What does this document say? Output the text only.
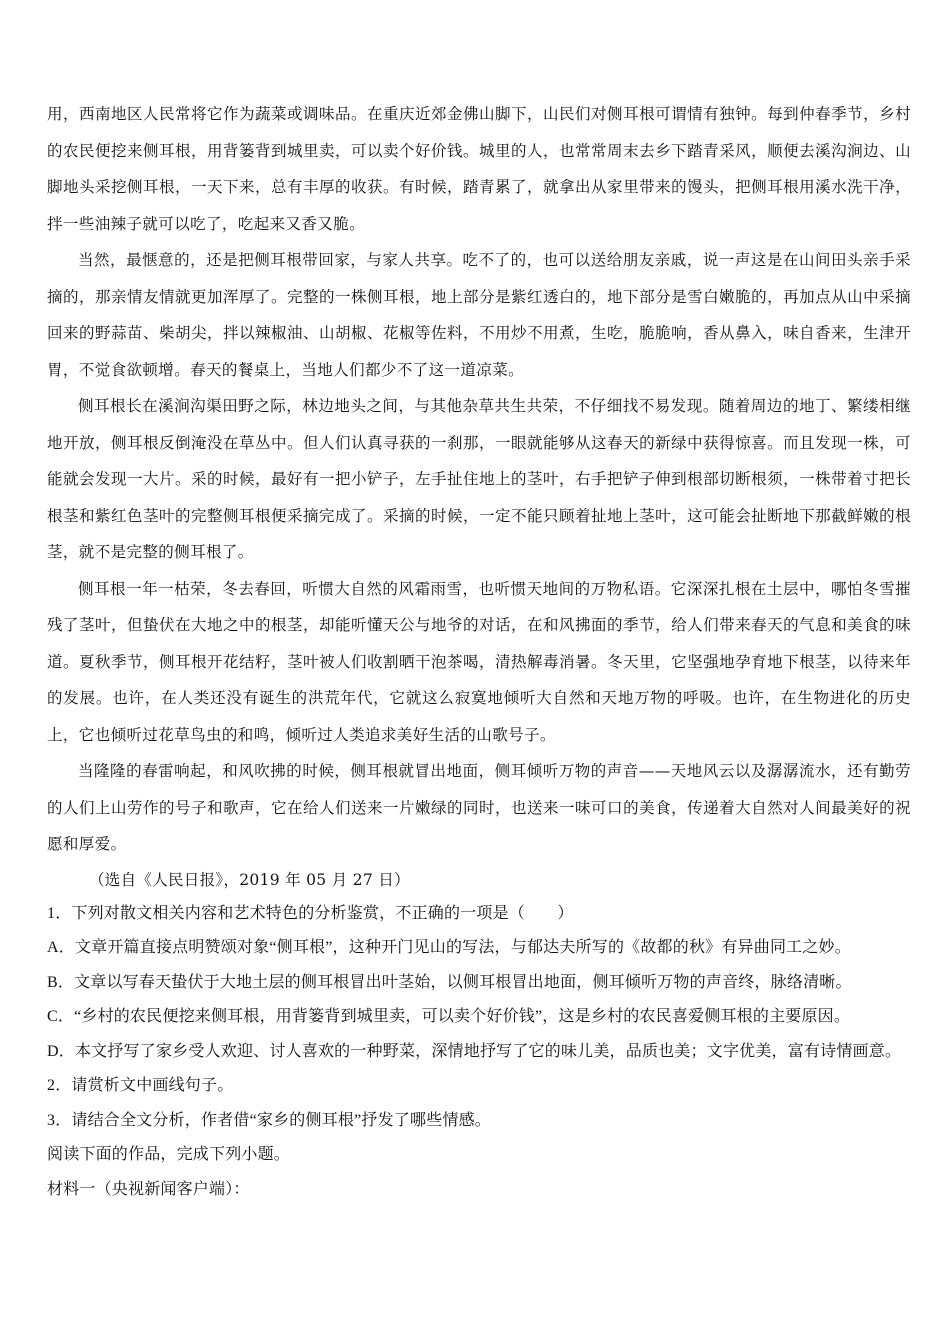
用，西南地区人民常将它作为蔬菜或调味品。在重庆近郊金佛山脚下，山民们对侧耳根可谓情有独钟。每到仲春季节，乡村的农民便挖来侧耳根，用背篓背到城里卖，可以卖个好价钱。城里的人，也常常周末去乡下踏青采风，顺便去溪沟涧边、山脚地头采挖侧耳根，一天下来，总有丰厚的收获。有时候，踏青累了，就拿出从家里带来的馒头，把侧耳根用溪水洗干净，拌一些油辣子就可以吃了，吃起来又香又脆。

当然，最惬意的，还是把侧耳根带回家，与家人共享。吃不了的，也可以送给朋友亲戚，说一声这是在山间田头亲手采摘的，那亲情友情就更加浑厚了。完整的一株侧耳根，地上部分是紫红透白的，地下部分是雪白嫩脆的，再加点从山中采摘回来的野蒜苗、柴胡尖，拌以辣椒油、山胡椒、花椒等佐料，不用炒不用煮，生吃，脆脆响，香从鼻入，味自香来，生津开胃，不觉食欲顿增。春天的餐桌上，当地人们都少不了这一道凉菜。

侧耳根长在溪涧沟渠田野之际，林边地头之间，与其他杂草共生共荣，不仔细找不易发现。随着周边的地丁、繁缕相继地开放，侧耳根反倒淹没在草丛中。但人们认真寻获的一刹那，一眼就能够从这春天的新绿中获得惊喜。而且发现一株，可能就会发现一大片。采的时候，最好有一把小铲子，左手扯住地上的茎叶，右手把铲子伸到根部切断根须，一株带着寸把长根茎和紫红色茎叶的完整侧耳根便采摘完成了。采摘的时候，一定不能只顾着扯地上茎叶，这可能会扯断地下那截鲜嫩的根茎，就不是完整的侧耳根了。

侧耳根一年一枯荣，冬去春回，听惯大自然的风霜雨雪，也听惯天地间的万物私语。它深深扎根在土层中，哪怕冬雪摧残了茎叶，但蛰伏在大地之中的根茎，却能听懂天公与地爷的对话，在和风拂面的季节，给人们带来春天的气息和美食的味道。夏秋季节，侧耳根开花结籽，茎叶被人们收割晒干泡茶喝，清热解毒消暑。冬天里，它坚强地孕育地下根茎，以待来年的发展。也许，在人类还没有诞生的洪荒年代，它就这么寂寞地倾听大自然和天地万物的呼吸。也许，在生物进化的历史上，它也倾听过花草鸟虫的和鸣，倾听过人类追求美好生活的山歌号子。

当隆隆的春雷响起，和风吹拂的时候，侧耳根就冒出地面，侧耳倾听万物的声音——天地风云以及潺潺流水，还有勤劳的人们上山劳作的号子和歌声，它在给人们送来一片嫩绿的同时，也送来一味可口的美食，传递着大自然对人间最美好的祝愿和厚爱。

（选自《人民日报》，2019 年 05 月 27 日）

1．下列对散文相关内容和艺术特色的分析鉴赏，不正确的一项是（　　）

A．文章开篇直接点明赞颂对象“侧耳根”，这种开门见山的写法，与郁达夫所写的《故都的秋》有异曲同工之妙。

B．文章以写春天蛰伏于大地土层的侧耳根冒出叶茎始，以侧耳根冒出地面，侧耳倾听万物的声音终，脉络清晰。

C．“乡村的农民便挖来侧耳根，用背篓背到城里卖，可以卖个好价钱”，这是乡村的农民喜爱侧耳根的主要原因。

D．本文抒写了家乡受人欢迎、讨人喜欢的一种野菜，深情地抒写了它的味儿美，品质也美；文字优美，富有诗情画意。

2．请赏析文中画线句子。

3．请结合全文分析，作者借“家乡的侧耳根”抒发了哪些情感。

阅读下面的作品，完成下列小题。

材料一（央视新闻客户端）：
